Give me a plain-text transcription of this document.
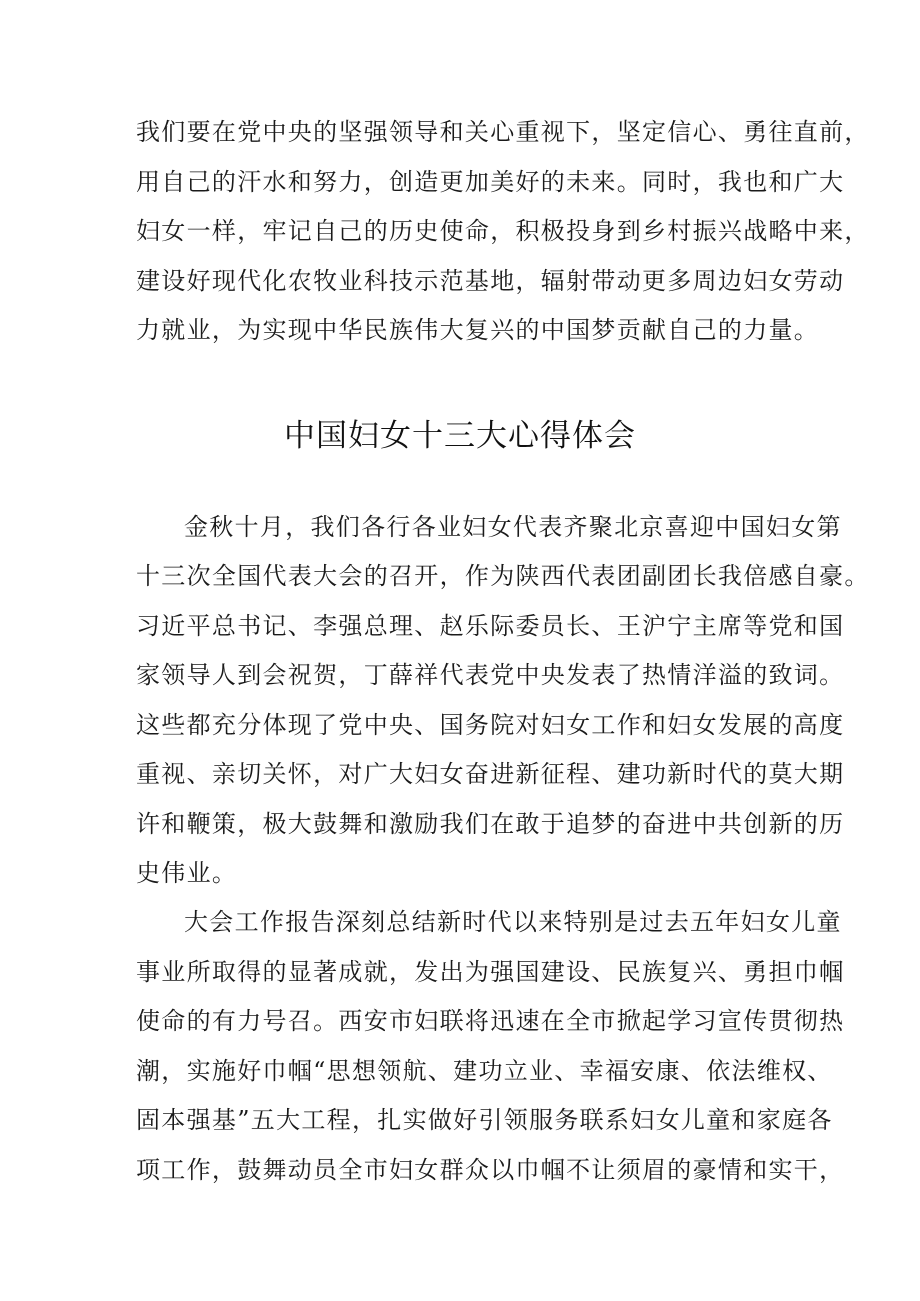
我们要在党中央的坚强领导和关心重视下，坚定信心、勇往直前，
用自己的汗水和努力，创造更加美好的未来。同时，我也和广大
妇女一样，牢记自己的历史使命，积极投身到乡村振兴战略中来，
建设好现代化农牧业科技示范基地，辐射带动更多周边妇女劳动
力就业，为实现中华民族伟大复兴的中国梦贡献自己的力量。
中国妇女十三大心得体会
金秋十月，我们各行各业妇女代表齐聚北京喜迎中国妇女第
十三次全国代表大会的召开，作为陕西代表团副团长我倍感自豪。
习近平总书记、李强总理、赵乐际委员长、王沪宁主席等党和国
家领导人到会祝贺，丁薛祥代表党中央发表了热情洋溢的致词。
这些都充分体现了党中央、国务院对妇女工作和妇女发展的高度
重视、亲切关怀，对广大妇女奋进新征程、建功新时代的莫大期
许和鞭策，极大鼓舞和激励我们在敢于追梦的奋进中共创新的历
史伟业。
大会工作报告深刻总结新时代以来特别是过去五年妇女儿童
事业所取得的显著成就，发出为强国建设、民族复兴、勇担巾帼
使命的有力号召。西安市妇联将迅速在全市掀起学习宣传贯彻热
潮，实施好巾帼“思想领航、建功立业、幸福安康、依法维权、
固本强基”五大工程，扎实做好引领服务联系妇女儿童和家庭各
项工作，鼓舞动员全市妇女群众以巾帼不让须眉的豪情和实干，
